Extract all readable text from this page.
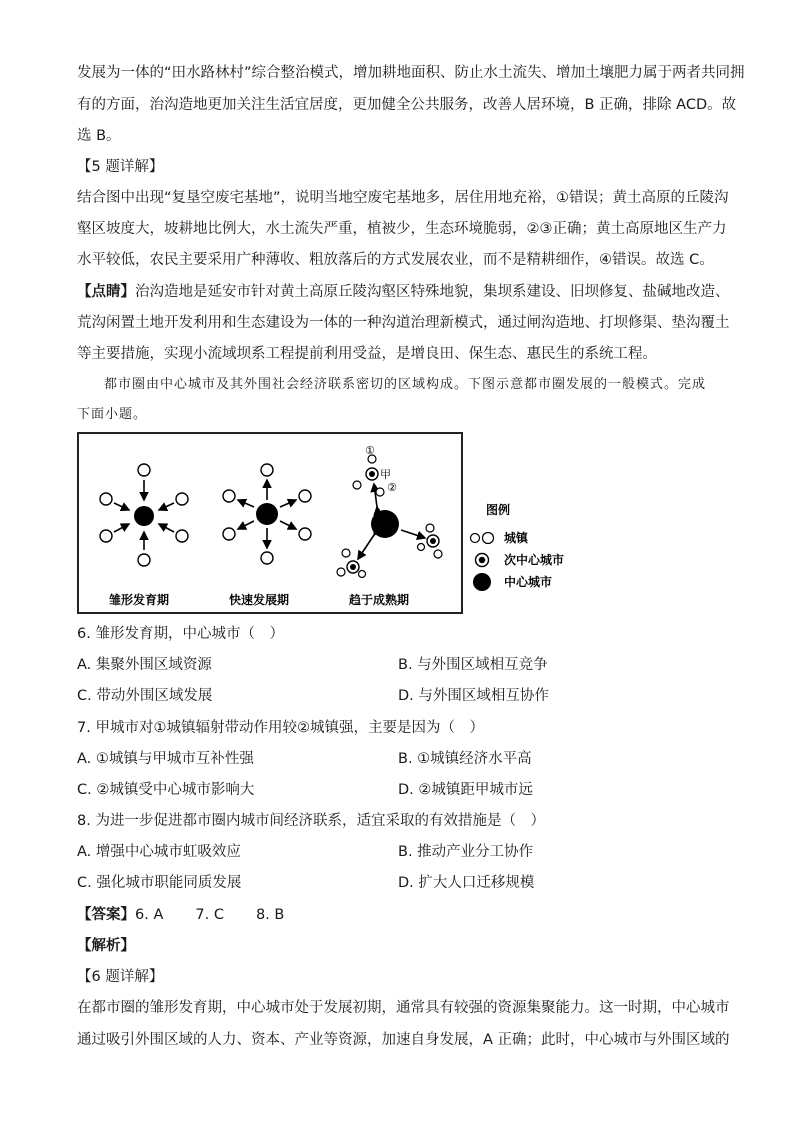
发展为一体的“田水路林村”综合整治模式，增加耕地面积、防止水土流失、增加土壤肥力属于两者共同拥
有的方面，治沟造地更加关注生活宜居度，更加健全公共服务，改善人居环境，B 正确，排除 ACD。故
选 B。
【5 题详解】
结合图中出现“复垦空废宅基地”，说明当地空废宅基地多，居住用地充裕，①错误；黄土高原的丘陵沟
壑区坡度大，坡耕地比例大，水土流失严重，植被少，生态环境脆弱，②③正确；黄土高原地区生产力
水平较低，农民主要采用广种薄收、粗放落后的方式发展农业，而不是精耕细作，④错误。故选 C。
【点睛】治沟造地是延安市针对黄土高原丘陵沟壑区特殊地貌，集坝系建设、旧坝修复、盐碱地改造、
荒沟闲置土地开发利用和生态建设为一体的一种沟道治理新模式，通过闸沟造地、打坝修渠、垫沟覆土
等主要措施，实现小流域坝系工程提前利用受益，是增良田、保生态、惠民生的系统工程。
都市圈由中心城市及其外围社会经济联系密切的区域构成。下图示意都市圈发展的一般模式。完成
下面小题。
①
甲
②
雏形发育期	快速发展期	趋于成熟期
图例
城镇
次中心城市
中心城市
6. 雏形发育期，中心城市（　）
A. 集聚外围区域资源	B. 与外围区域相互竞争
C. 带动外围区域发展	D. 与外围区域相互协作
7. 甲城市对①城镇辐射带动作用较②城镇强，主要是因为（　）
A. ①城镇与甲城市互补性强	B. ①城镇经济水平高
C. ②城镇受中心城市影响大	D. ②城镇距甲城市远
8. 为进一步促进都市圈内城市间经济联系，适宜采取的有效措施是（　）
A. 增强中心城市虹吸效应	B. 推动产业分工协作
C. 强化城市职能同质发展	D. 扩大人口迁移规模
【答案】6. A 7. C 8. B
【解析】
【6 题详解】
在都市圈的雏形发育期，中心城市处于发展初期，通常具有较强的资源集聚能力。这一时期，中心城市
通过吸引外围区域的人力、资本、产业等资源，加速自身发展，A 正确；此时，中心城市与外围区域的
